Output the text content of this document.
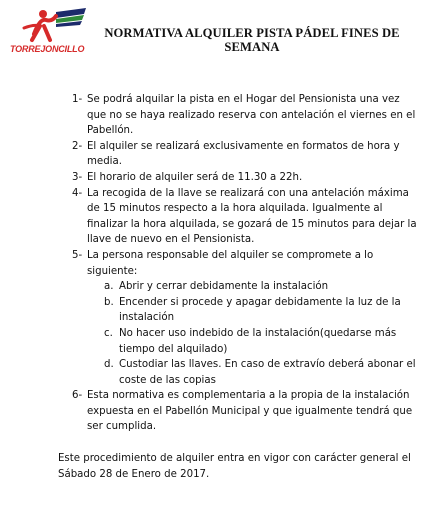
TORREJONCILLO
NORMATIVA ALQUILER PISTA PÁDEL FINES DE SEMANA
1- Se podrá alquilar la pista en el Hogar del Pensionista una vez que no se haya realizado reserva con antelación el viernes en el Pabellón.
2- El alquiler se realizará exclusivamente en formatos de hora y media.
3- El horario de alquiler será de 11.30 a 22h.
4- La recogida de la llave se realizará con una antelación máxima de 15 minutos respecto a la hora alquilada. Igualmente al finalizar la hora alquilada, se gozará de 15 minutos para dejar la llave de nuevo en el Pensionista.
5- La persona responsable del alquiler se compromete a lo siguiente:
a. Abrir y cerrar debidamente la instalación
b. Encender si procede y apagar debidamente la luz de la instalación
c. No hacer uso indebido de la instalación(quedarse más tiempo del alquilado)
d. Custodiar las llaves. En caso de extravío deberá abonar el coste de las copias
6- Esta normativa es complementaria a la propia de la instalación expuesta en el Pabellón Municipal y que igualmente tendrá que ser cumplida.
Este procedimiento de alquiler entra en vigor con carácter general el Sábado 28 de Enero de 2017.
